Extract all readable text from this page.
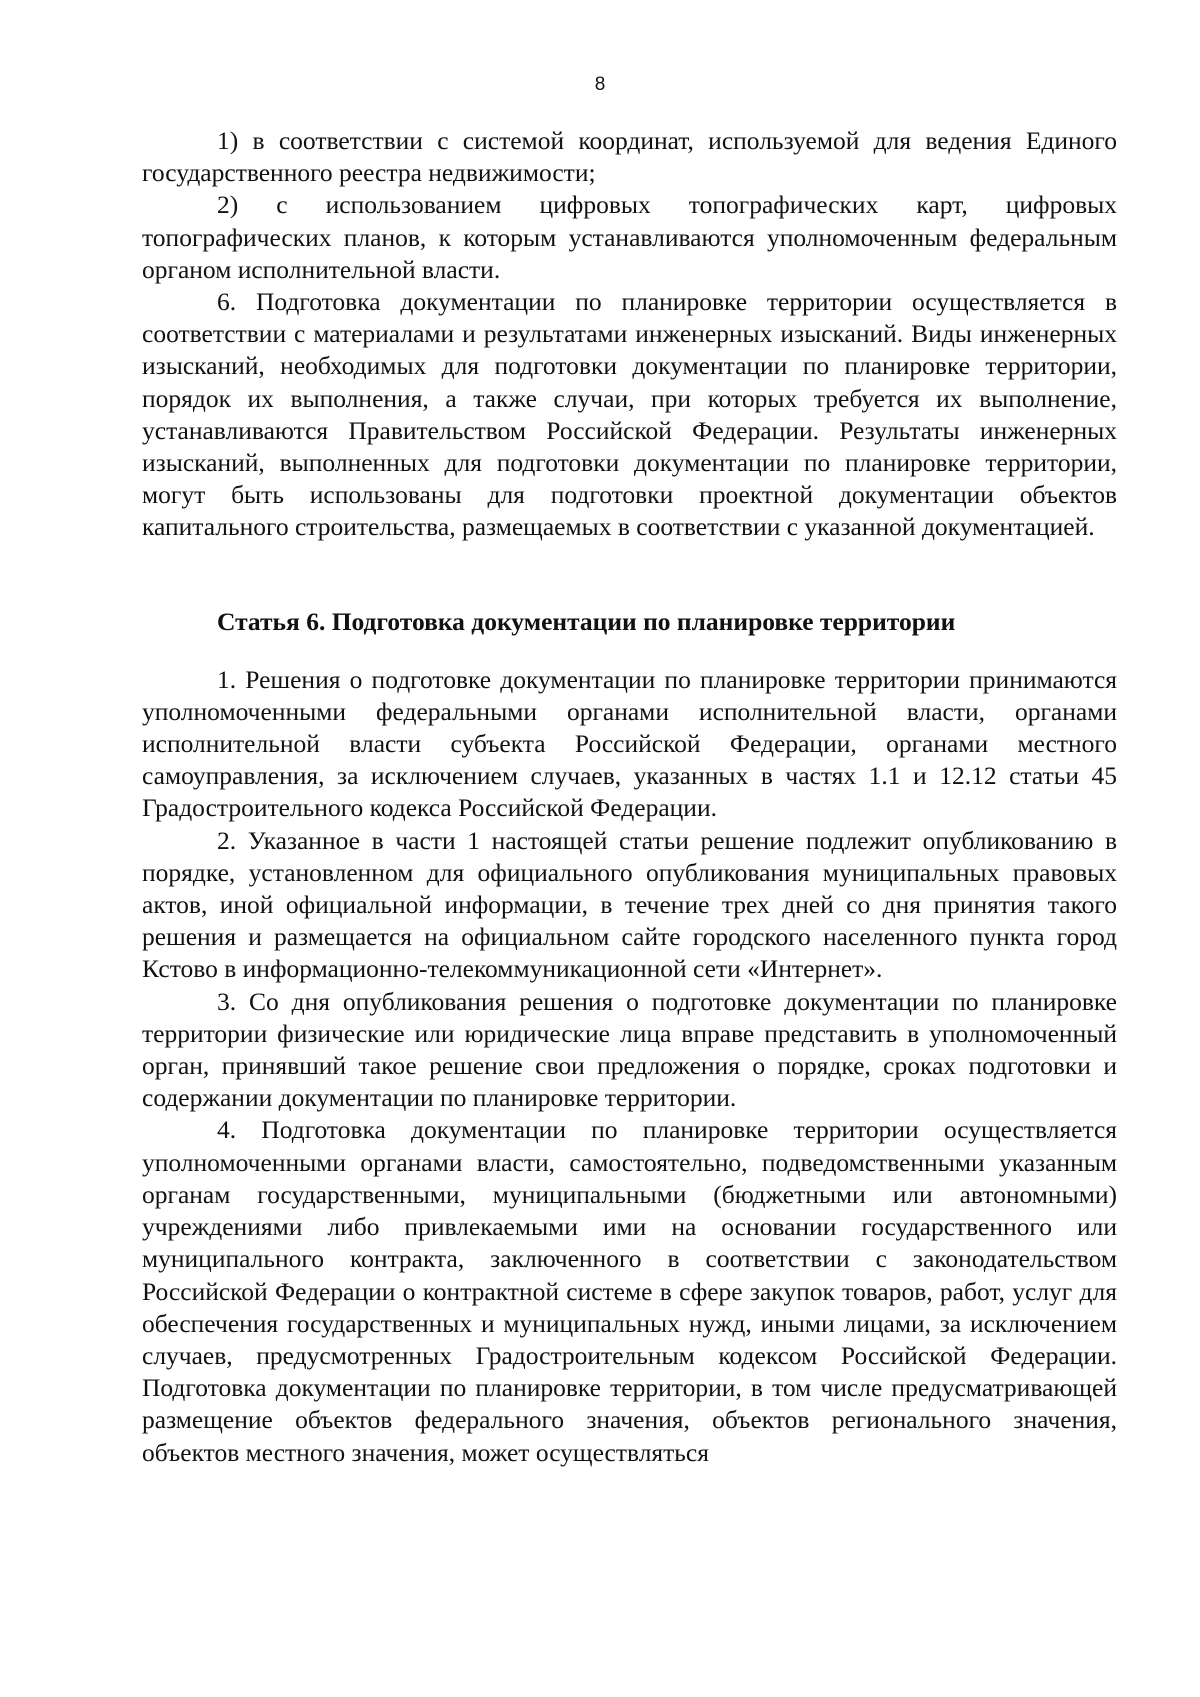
8

1) в соответствии с системой координат, используемой для ведения Единого государственного реестра недвижимости;

2) с использованием цифровых топографических карт, цифровых топографических планов, к которым устанавливаются уполномоченным федеральным органом исполнительной власти.

6. Подготовка документации по планировке территории осуществляется в соответствии с материалами и результатами инженерных изысканий. Виды инженерных изысканий, необходимых для подготовки документации по планировке территории, порядок их выполнения, а также случаи, при которых требуется их выполнение, устанавливаются Правительством Российской Федерации. Результаты инженерных изысканий, выполненных для подготовки документации по планировке территории, могут быть использованы для подготовки проектной документации объектов капитального строительства, размещаемых в соответствии с указанной документацией.

Статья 6. Подготовка документации по планировке территории

1. Решения о подготовке документации по планировке территории принимаются уполномоченными федеральными органами исполнительной власти, органами исполнительной власти субъекта Российской Федерации, органами местного самоуправления, за исключением случаев, указанных в частях 1.1 и 12.12 статьи 45 Градостроительного кодекса Российской Федерации.

2. Указанное в части 1 настоящей статьи решение подлежит опубликованию в порядке, установленном для официального опубликования муниципальных правовых актов, иной официальной информации, в течение трех дней со дня принятия такого решения и размещается на официальном сайте городского населенного пункта город Кстово в информационно-телекоммуникационной сети «Интернет».

3. Со дня опубликования решения о подготовке документации по планировке территории физические или юридические лица вправе представить в уполномоченный орган, принявший такое решение свои предложения о порядке, сроках подготовки и содержании документации по планировке территории.

4. Подготовка документации по планировке территории осуществляется уполномоченными органами власти, самостоятельно, подведомственными указанным органам государственными, муниципальными (бюджетными или автономными) учреждениями либо привлекаемыми ими на основании государственного или муниципального контракта, заключенного в соответствии с законодательством Российской Федерации о контрактной системе в сфере закупок товаров, работ, услуг для обеспечения государственных и муниципальных нужд, иными лицами, за исключением случаев, предусмотренных Градостроительным кодексом Российской Федерации. Подготовка документации по планировке территории, в том числе предусматривающей размещение объектов федерального значения, объектов регионального значения, объектов местного значения, может осуществляться
